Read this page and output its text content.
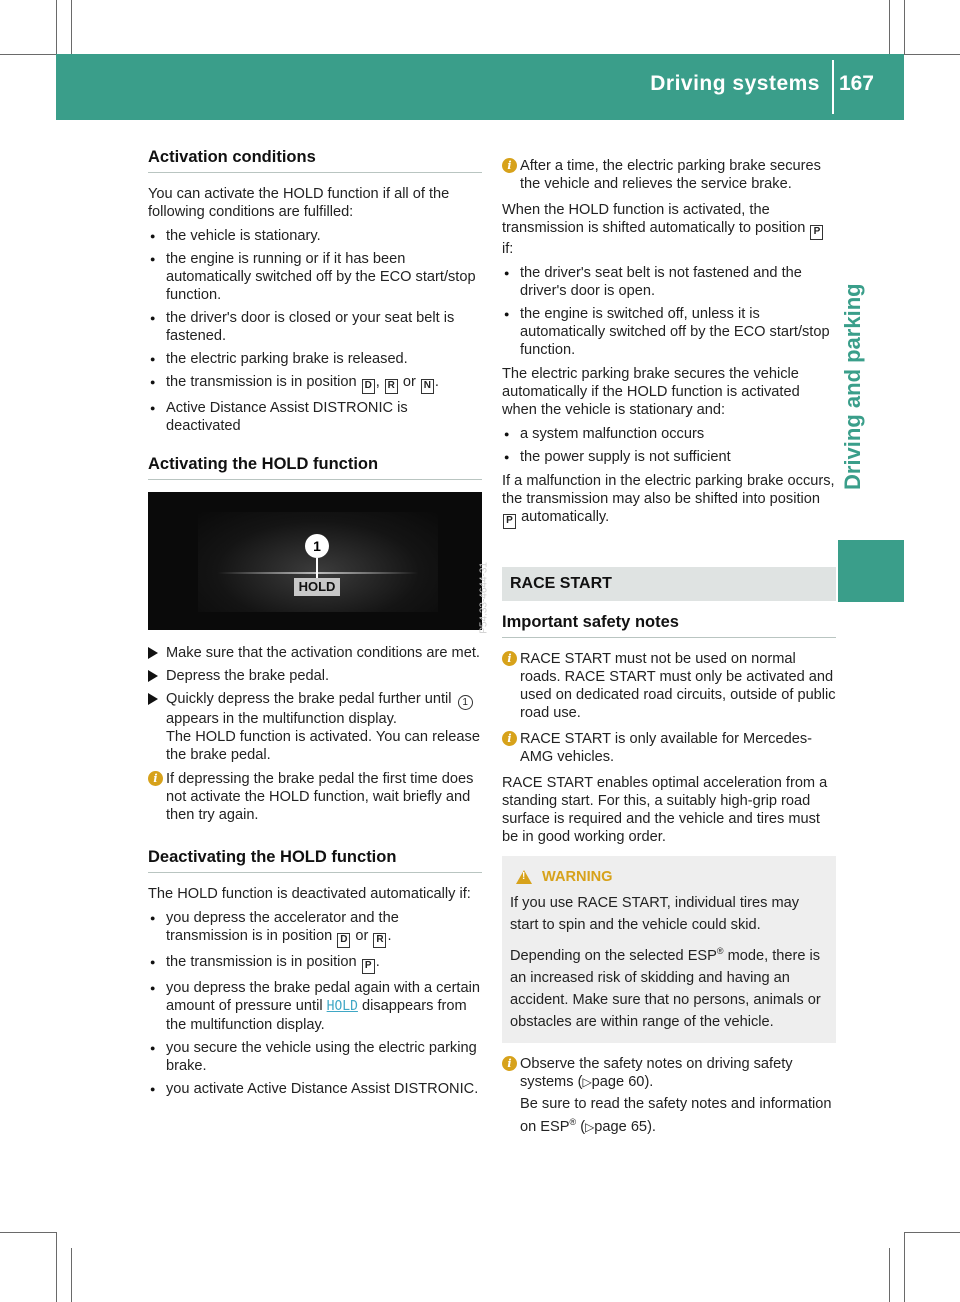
Driving systems 167
Driving and parking
Activation conditions

You can activate the HOLD function if all of the following conditions are fulfilled:

● the vehicle is stationary.
● the engine is running or if it has been automatically switched off by the ECO start/stop function.
● the driver's door is closed or your seat belt is fastened.
● the electric parking brake is released.
● the transmission is in position D , R or N .
● Active Distance Assist DISTRONIC is deactivated
Activating the HOLD function
1
HOLD	P54.33-4644-31
Make sure that the activation conditions are met.
Depress the brake pedal.
Quickly depress the brake pedal further until 1 appears in the multifunction display.
The HOLD function is activated. You can release the brake pedal.
i If depressing the brake pedal the first time does not activate the HOLD function, wait briefly and then try again.
Deactivating the HOLD function

The HOLD function is deactivated automatically if:

● you depress the accelerator and the transmission is in position D or R .
● the transmission is in position P .
● you depress the brake pedal again with a certain amount of pressure until HOLD disappears from the multifunction display.
● you secure the vehicle using the electric parking brake.
● you activate Active Distance Assist DISTRONIC.
i After a time, the electric parking brake secures the vehicle and relieves the service brake.

When the HOLD function is activated, the transmission is shifted automatically to position P if:

● the driver's seat belt is not fastened and the driver's door is open.
● the engine is switched off, unless it is automatically switched off by the ECO start/stop function.

The electric parking brake secures the vehicle automatically if the HOLD function is activated when the vehicle is stationary and:

● a system malfunction occurs
● the power supply is not sufficient

If a malfunction in the electric parking brake occurs, the transmission may also be shifted into position P automatically.

RACE START
Important safety notes
i RACE START must not be used on normal roads. RACE START must only be activated and used on dedicated road circuits, outside of public road use.
i RACE START is only available for Mercedes-AMG vehicles.

RACE START enables optimal acceleration from a standing start. For this, a suitably high-grip road surface is required and the vehicle and tires must be in good working order.

!
WARNING

If you use RACE START, individual tires may start to spin and the vehicle could skid.

Depending on the selected ESP® mode, there is an increased risk of skidding and having an accident. Make sure that no persons, animals or obstacles are within range of the vehicle.

i Observe the safety notes on driving safety systems (▷page 60).
Be sure to read the safety notes and information on ESP® (▷page 65).
